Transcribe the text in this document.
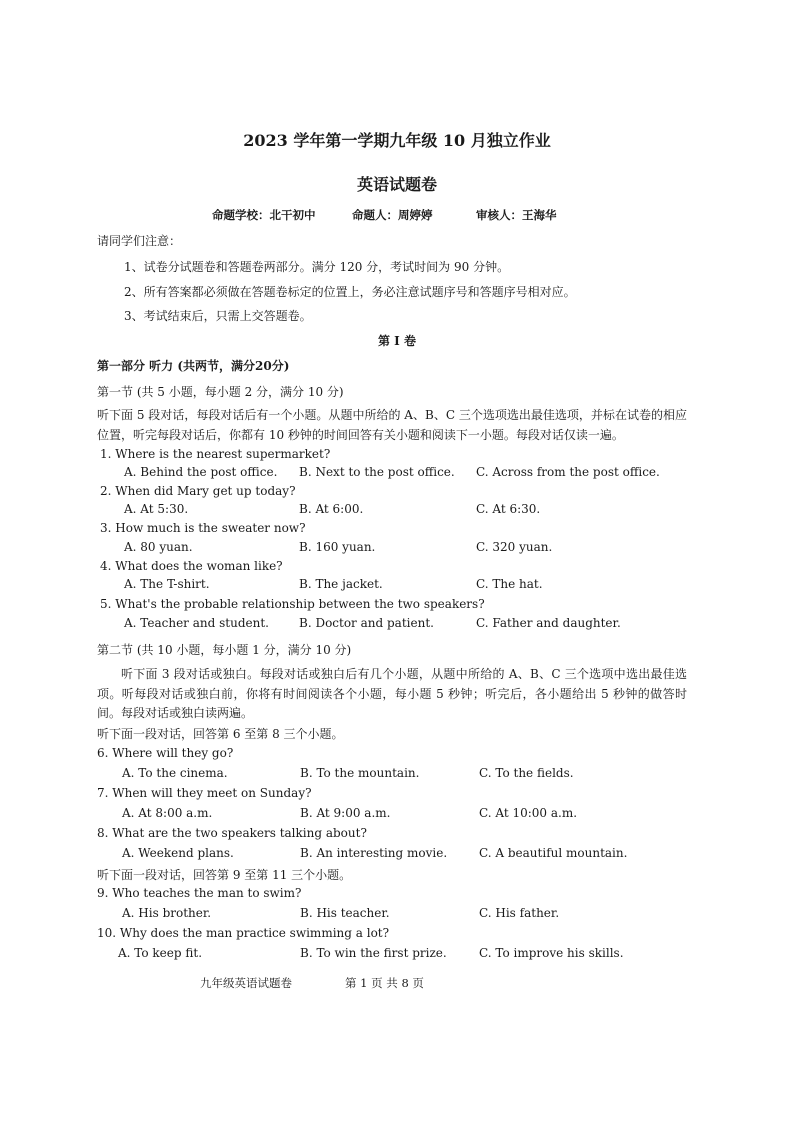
2023 学年第一学期九年级 10 月独立作业
英语试题卷
命题学校：北干初中	命题人：周婷婷	审核人：王海华
请同学们注意：
1、试卷分试题卷和答题卷两部分。满分 120 分，考试时间为 90 分钟。
2、所有答案都必须做在答题卷标定的位置上，务必注意试题序号和答题序号相对应。
3、考试结束后，只需上交答题卷。
第 I 卷
第一部分 听力 (共两节，满分20分)
第一节 (共 5 小题，每小题 2 分，满分 10 分)
听下面 5 段对话，每段对话后有一个小题。从题中所给的 A、B、C 三个选项选出最佳选项，并标在试卷的相应位置，听完每段对话后，你都有 10 秒钟的时间回答有关小题和阅读下一小题。每段对话仅读一遍。
1. Where is the nearest supermarket?
A. Behind the post office. B. Next to the post office. C. Across from the post office.
2. When did Mary get up today?
A. At 5:30.	B. At 6:00.	C. At 6:30.
3. How much is the sweater now?
A. 80 yuan.	B. 160 yuan.	C. 320 yuan.
4. What does the woman like?
A. The T-shirt.	B. The jacket.	C. The hat.
5. What's the probable relationship between the two speakers?
A. Teacher and student.	B. Doctor and patient.	C. Father and daughter.
第二节 (共 10 小题，每小题 1 分，满分 10 分)
听下面 3 段对话或独白。每段对话或独白后有几个小题，从题中所给的 A、B、C 三个选项中选出最佳选项。听每段对话或独白前，你将有时间阅读各个小题，每小题 5 秒钟；听完后，各小题给出 5 秒钟的做答时间。每段对话或独白读两遍。
听下面一段对话，回答第 6 至第 8 三个小题。
6. Where will they go?
A. To the cinema.	B. To the mountain.	C. To the fields.
7. When will they meet on Sunday?
A. At 8:00 a.m.	B. At 9:00 a.m.	C. At 10:00 a.m.
8. What are the two speakers talking about?
A. Weekend plans.	B. An interesting movie.	C. A beautiful mountain.
听下面一段对话，回答第 9 至第 11 三个小题。
9. Who teaches the man to swim?
A. His brother.	B. His teacher.	C. His father.
10. Why does the man practice swimming a lot?
A. To keep fit.	B. To win the first prize.	C. To improve his skills.
九年级英语试题卷	第 1 页 共 8 页
